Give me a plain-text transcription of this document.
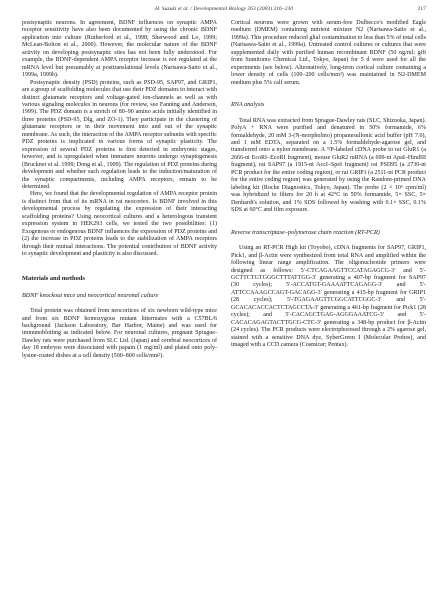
H. Suzuki et al. / Developmental Biology 263 (2003) 216–230	217

postsynaptic neurons. In agreement, BDNF influences on synaptic AMPA receptor sensitivity have also been documented by using the chronic BDNF application into culture (Rutherford et al., 1998; Sherwood and Lo, 1999; McLean-Bolton et al., 2000). However, the molecular nature of the BDNF activity on developing postsynaptic sites has not been fully understood. For example, the BDNF-dependent AMPA receptor increase is not regulated at the mRNA level but presumably at posttranslational levels (Narisawa-Saito et al., 1999a, 1999b).

Postsynaptic density (PSD) proteins, such as PSD-95, SAP97, and GRIP1, are a group of scaffolding molecules that use their PDZ domains to interact with distinct glutamate receptors and voltage-gated ion-channels as well as with various signaling molecules in neurons (for review, see Fanning and Anderson, 1999). The PDZ domain is a stretch of 80–90 amino acids initially identified in three proteins (PSD-95, Dlg, and ZO-1). They participate in the clustering of glutamate receptors or in their movement into and out of the synaptic membrane. As such, the interaction of the AMPA receptor subunits with specific PDZ proteins is implicated in various forms of synaptic plasticity. The expression of several PDZ proteins is first detected in embryonic stages, however, and is upregulated when immature neurons undergo synaptogenesis (Bruckner et al. 1999; Dong et al., 1999). The regulation of PDZ proteins during development and whether such regulation leads to the induction/maturation of the synaptic compartments, including AMPA receptors, remain to be determined.

Here, we found that the developmental regulation of AMPA receptor protein is distinct from that of its mRNA in rat neocortex. Is BDNF involved in this developmental process by regulating the expression of their interacting scaffolding proteins? Using neocortical cultures and a heterologous transient expression system in HEK293 cells, we tested the two possibilities: (1) Exogenous or endogenous BDNF influences the expression of PDZ proteins and (2) the increase in PDZ proteins leads to the stabilization of AMPA receptors through their mutual interactions. The potential contribution of BDNF activity to synaptic development and plasticity is also discussed.

Materials and methods
BDNF knockout mice and neocortical neuronal culture

Total protein was obtained from neocortices of six newborn wild-type mice and from six BDNF homozygous mutant littermates with a C57BL/6 background (Jackson Laboratory, Bar Harbor, Maine) and was used for immunoblotting as indicated below. For neuronal cultures, pregnant Sprague-Dawley rats were purchased from SLC Ltd. (Japan) and cerebral neocortices of day 18 embryos were dissociated with papain (1 mg/ml) and plated onto poly-lysine-coated dishes at a cell density (500–800 cells/mm²).

Cortical neurons were grown with serum-free Dulbecco's modified Eagle medium (DMEM) containing nutrient mixture N2 (Narisawa-Saito et al., 1999a). This procedure reduced glial contamination to less than 5% of total cells (Narisawa-Saito et al., 1999a). Untreated control cultures or cultures that were supplemented daily with purified human recombinant BDNF (50 ng/ml; gift from Sumitomo Chemical Ltd., Tokyo, Japan) for 5 d were used for all the experiments (see below). Alternatively, long-term cortical culture containing a lower density of cells (100–200 cells/mm²) was maintained in N2-DMEM medium plus 5% calf serum.

RNA analysis

Total RNA was extracted from Sprague-Dawley rats (SLC, Shizuoka, Japan). PolyA + RNA were purified and denatured in 50% formamide, 6% formaldehyde, 20 mM 3-(N-morpholino) propanesulfonic acid buffer (pH 7.0), and 1 mM EDTA, separated on a 1.5% formaldehyde-agarose gel, and transferred onto a nylon membrane. A ³²P-labeled cDNA probe to rat GluR1 (a 2666-nt EcoRI–EcoRI fragment), mouse GluR2 mRNA (a 699-nt ApaI–HindIII fragment), rat SAP97 (a 1915-nt AccI–SpeI fragment) rat PSD95 (a 2730-nt PCR product for the entire coding region), or rat GRIP1 (a 2511-nt PCR product for the entire ceding region) was generated by using the Random-primed DNA labeling kit (Roche Diagnostics, Tokyo, Japan). The probe (2 × 10⁶ cpm/ml) was hybridized to filters for 20 h at 42°C in 50% formamide, 5× SSC, 5× Denhardt's solution, and 1% SDS followed by washing with 0.1× SSC, 0.1% SDS at 60°C and film exposure.

Reverse transcriptase–polymerase chain reaction (RT-PCR)

Using an RT-PCR High kit (Toyobo), cDNA fragments for SAP97, GRIP1, Pick1, and β-Actin were synthesized from total RNA and amplified within the following linear range amplification. The oligonucleotide primers were designed as follows: 5′-CTCAGAAGTTCCATAGAGCG-3′ and 5′-GCTTCTGTGGGCTTTATTGG-3′ generating a 407-bp fragment for SAP97 (30 cycles); 5′-ACCATGT-GAAAATTCAGAGG-3′ and 5′-ATTCCAAAGCCAGT-GACAGG-3′ generating a 415-bp fragment for GRIP1 (28 cycles); 5′-TGAGAAGTTCGGCATTCGGC-3′ and 5′-GCACACACCACTCTAGCCTA-3′ generating a 461-bp fragment for Pick1 (28 cycles); and 5′-CACAGCTGAG-AGGGAAATCG-3′ and 5′-CACACAGAGTACTTGCG-CTC-3′ generating a 348-bp product for β-Actin (24 cycles). The PCR products were electrophoresed through a 2% agarose gel, stained with a sensitive DNA dye, SyberGreen I (Molecular Probes), and imaged with a CCD camera (Cosmicar; Pentax).
